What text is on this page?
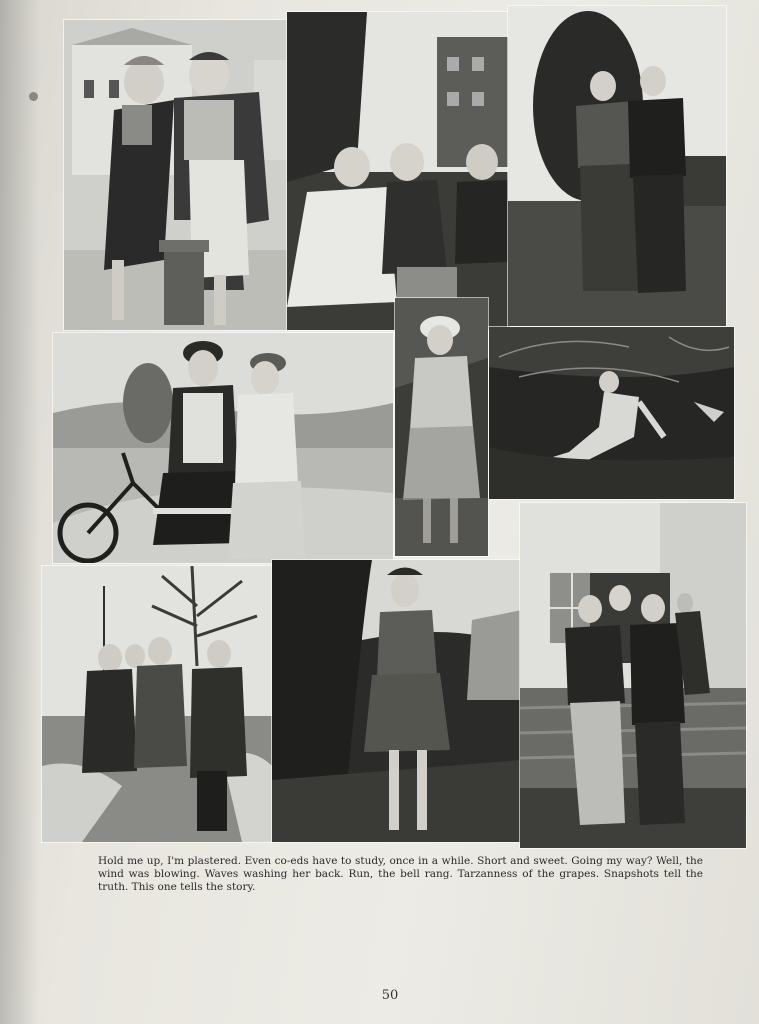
Hold me up, I'm plastered. Even co-eds have to study, once in a while. Short and sweet. Going my way? Well, the wind was blowing. Waves washing her back. Run, the bell rang. Tarzanness of the grapes. Snapshots tell the truth. This one tells the story.

50
